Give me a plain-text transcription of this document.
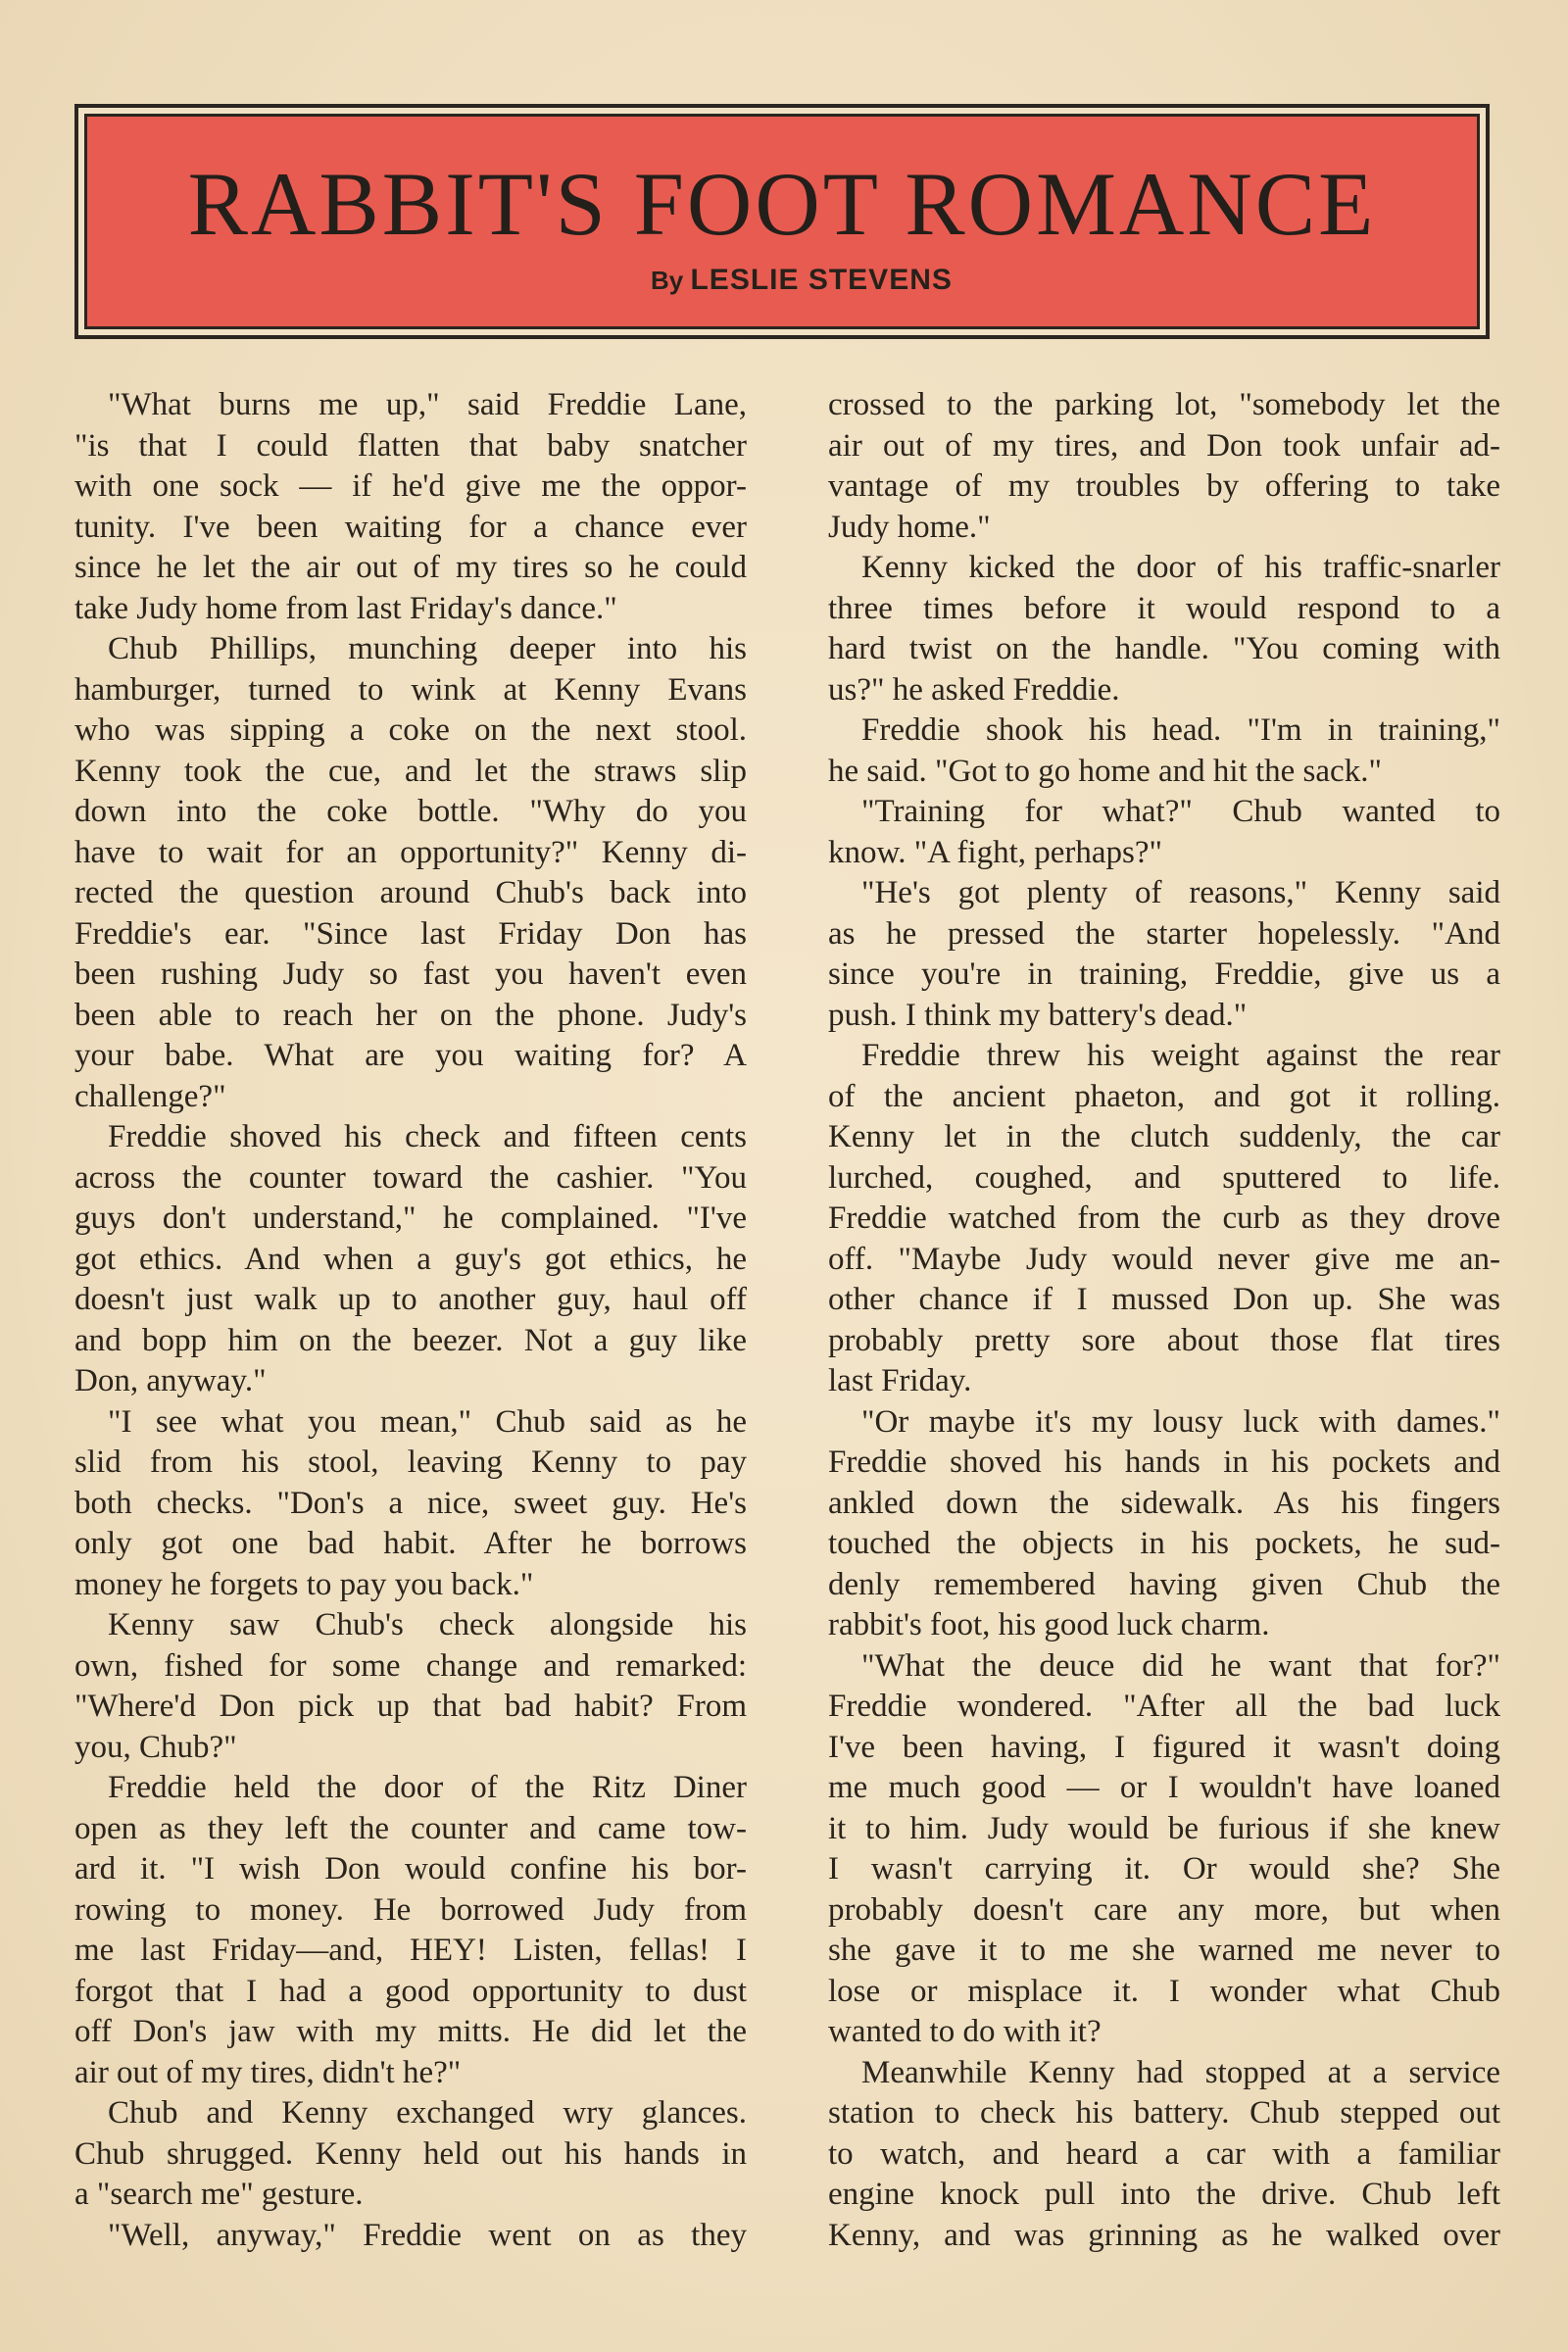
RABBIT'S FOOT ROMANCE
By LESLIE STEVENS
"What burns me up," said Freddie Lane,
"is that I could flatten that baby snatcher
with one sock — if he'd give me the oppor-
tunity. I've been waiting for a chance ever
since he let the air out of my tires so he could
take Judy home from last Friday's dance."
Chub Phillips, munching deeper into his
hamburger, turned to wink at Kenny Evans
who was sipping a coke on the next stool.
Kenny took the cue, and let the straws slip
down into the coke bottle. "Why do you
have to wait for an opportunity?" Kenny di-
rected the question around Chub's back into
Freddie's ear. "Since last Friday Don has
been rushing Judy so fast you haven't even
been able to reach her on the phone. Judy's
your babe. What are you waiting for? A
challenge?"
Freddie shoved his check and fifteen cents
across the counter toward the cashier. "You
guys don't understand," he complained. "I've
got ethics. And when a guy's got ethics, he
doesn't just walk up to another guy, haul off
and bopp him on the beezer. Not a guy like
Don, anyway."
"I see what you mean," Chub said as he
slid from his stool, leaving Kenny to pay
both checks. "Don's a nice, sweet guy. He's
only got one bad habit. After he borrows
money he forgets to pay you back."
Kenny saw Chub's check alongside his
own, fished for some change and remarked:
"Where'd Don pick up that bad habit? From
you, Chub?"
Freddie held the door of the Ritz Diner
open as they left the counter and came tow-
ard it. "I wish Don would confine his bor-
rowing to money. He borrowed Judy from
me last Friday—and, HEY! Listen, fellas! I
forgot that I had a good opportunity to dust
off Don's jaw with my mitts. He did let the
air out of my tires, didn't he?"
Chub and Kenny exchanged wry glances.
Chub shrugged. Kenny held out his hands in
a "search me" gesture.
"Well, anyway," Freddie went on as they
crossed to the parking lot, "somebody let the
air out of my tires, and Don took unfair ad-
vantage of my troubles by offering to take
Judy home."
Kenny kicked the door of his traffic-snarler
three times before it would respond to a
hard twist on the handle. "You coming with
us?" he asked Freddie.
Freddie shook his head. "I'm in training,"
he said. "Got to go home and hit the sack."
"Training for what?" Chub wanted to
know. "A fight, perhaps?"
"He's got plenty of reasons," Kenny said
as he pressed the starter hopelessly. "And
since you're in training, Freddie, give us a
push. I think my battery's dead."
Freddie threw his weight against the rear
of the ancient phaeton, and got it rolling.
Kenny let in the clutch suddenly, the car
lurched, coughed, and sputtered to life.
Freddie watched from the curb as they drove
off. "Maybe Judy would never give me an-
other chance if I mussed Don up. She was
probably pretty sore about those flat tires
last Friday.
"Or maybe it's my lousy luck with dames."
Freddie shoved his hands in his pockets and
ankled down the sidewalk. As his fingers
touched the objects in his pockets, he sud-
denly remembered having given Chub the
rabbit's foot, his good luck charm.
"What the deuce did he want that for?"
Freddie wondered. "After all the bad luck
I've been having, I figured it wasn't doing
me much good — or I wouldn't have loaned
it to him. Judy would be furious if she knew
I wasn't carrying it. Or would she? She
probably doesn't care any more, but when
she gave it to me she warned me never to
lose or misplace it. I wonder what Chub
wanted to do with it?
Meanwhile Kenny had stopped at a service
station to check his battery. Chub stepped out
to watch, and heard a car with a familiar
engine knock pull into the drive. Chub left
Kenny, and was grinning as he walked over
